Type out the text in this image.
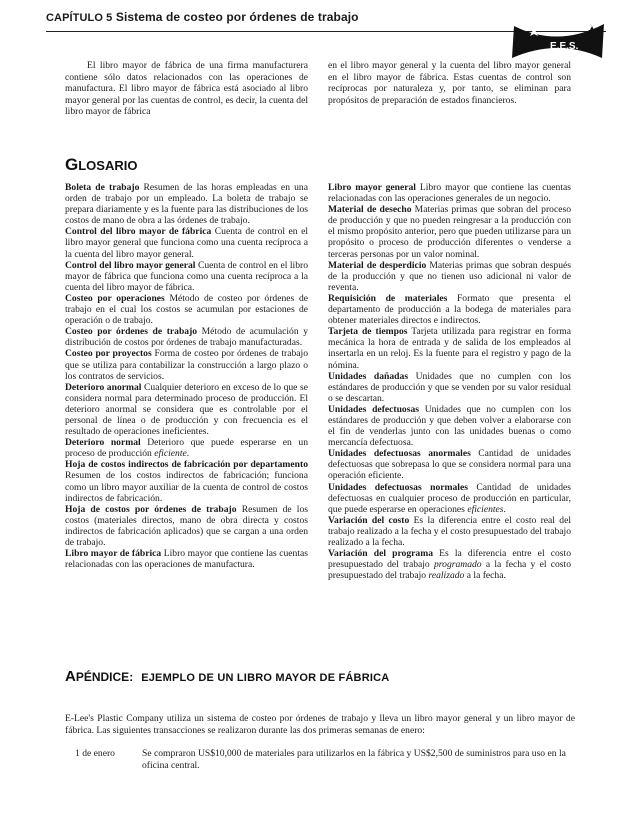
CAPÍTULO 5 Sistema de costeo por órdenes de trabajo
E.E.S.

El libro mayor de fábrica de una firma manufacturera contiene sólo datos relacionados con las operaciones de manufactura. El libro mayor de fábrica está asociado al libro mayor general por las cuentas de control, es decir, la cuenta del libro mayor de fábrica

en el libro mayor general y la cuenta del libro mayor general en el libro mayor de fábrica. Estas cuentas de control son recíprocas por naturaleza y, por tanto, se eliminan para propósitos de preparación de estados financieros.

GLOSARIO

Boleta de trabajo Resumen de las horas empleadas en una orden de trabajo por un empleado. La boleta de trabajo se prepara diariamente y es la fuente para las distribuciones de los costos de mano de obra a las órdenes de trabajo.

Control del libro mayor de fábrica Cuenta de control en el libro mayor general que funciona como una cuenta recíproca a la cuenta del libro mayor general.

Control del libro mayor general Cuenta de control en el libro mayor de fábrica que funciona como una cuenta recíproca a la cuenta del libro mayor de fábrica.

Costeo por operaciones Método de costeo por órdenes de trabajo en el cual los costos se acumulan por estaciones de operación o de trabajo.

Costeo por órdenes de trabajo Método de acumulación y distribución de costos por órdenes de trabajo manufacturadas.

Costeo por proyectos Forma de costeo por órdenes de trabajo que se utiliza para contabilizar la construcción a largo plazo o los contratos de servicios.

Deterioro anormal Cualquier deterioro en exceso de lo que se considera normal para determinado proceso de producción. El deterioro anormal se considera que es controlable por el personal de línea o de producción y con frecuencia es el resultado de operaciones ineficientes.

Deterioro normal Deterioro que puede esperarse en un proceso de producción eficiente.

Hoja de costos indirectos de fabricación por departamento Resumen de los costos indirectos de fabricación; funciona como un libro mayor auxiliar de la cuenta de control de costos indirectos de fabricación.

Hoja de costos por órdenes de trabajo Resumen de los costos (materiales directos, mano de obra directa y costos indirectos de fabricación aplicados) que se cargan a una orden de trabajo.

Libro mayor de fábrica Libro mayor que contiene las cuentas relacionadas con las operaciones de manufactura.

Libro mayor general Libro mayor que contiene las cuentas relacionadas con las operaciones generales de un negocio.

Material de desecho Materias primas que sobran del proceso de producción y que no pueden reingresar a la producción con el mismo propósito anterior, pero que pueden utilizarse para un propósito o proceso de producción diferentes o venderse a terceras personas por un valor nominal.

Material de desperdicio Materias primas que sobran después de la producción y que no tienen uso adicional ni valor de reventa.

Requisición de materiales Formato que presenta el departamento de producción a la bodega de materiales para obtener materiales directos e indirectos.

Tarjeta de tiempos Tarjeta utilizada para registrar en forma mecánica la hora de entrada y de salida de los empleados al insertarla en un reloj. Es la fuente para el registro y pago de la nómina.

Unidades dañadas Unidades que no cumplen con los estándares de producción y que se venden por su valor residual o se descartan.

Unidades defectuosas Unidades que no cumplen con los estándares de producción y que deben volver a elaborarse con el fin de venderlas junto con las unidades buenas o como mercancía defectuosa.

Unidades defectuosas anormales Cantidad de unidades defectuosas que sobrepasa lo que se considera normal para una operación eficiente.

Unidades defectuosas normales Cantidad de unidades defectuosas en cualquier proceso de producción en particular, que puede esperarse en operaciones eficientes.

Variación del costo Es la diferencia entre el costo real del trabajo realizado a la fecha y el costo presupuestado del trabajo realizado a la fecha.

Variación del programa Es la diferencia entre el costo presupuestado del trabajo programado a la fecha y el costo presupuestado del trabajo realizado a la fecha.

APÉNDICE: EJEMPLO DE UN LIBRO MAYOR DE FÁBRICA

E-Lee's Plastic Company utiliza un sistema de costeo por órdenes de trabajo y lleva un libro mayor general y un libro mayor de fábrica. Las siguientes transacciones se realizaron durante las dos primeras semanas de enero:

1 de enero	Se compraron US$10,000 de materiales para utilizarlos en la fábrica y US$2,500 de suministros para uso en la oficina central.
